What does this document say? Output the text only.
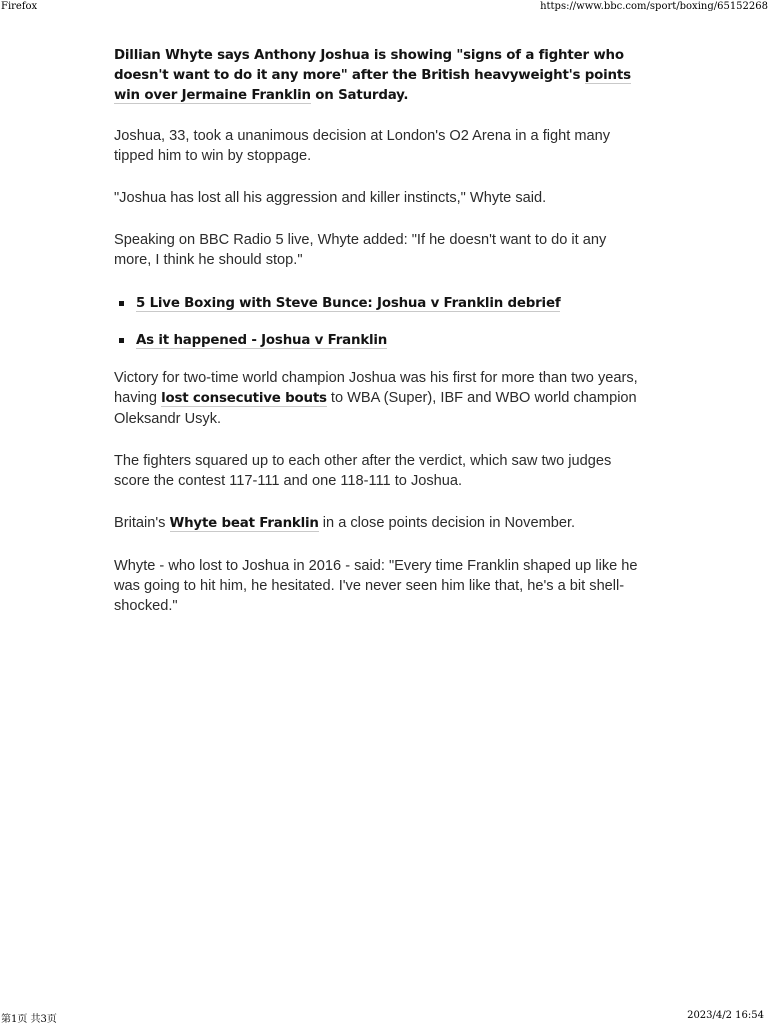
Firefox	https://www.bbc.com/sport/boxing/65152268

Dillian Whyte says Anthony Joshua is showing "signs of a fighter who doesn't want to do it any more" after the British heavyweight's points win over Jermaine Franklin on Saturday.

Joshua, 33, took a unanimous decision at London's O2 Arena in a fight many tipped him to win by stoppage.

"Joshua has lost all his aggression and killer instincts," Whyte said.

Speaking on BBC Radio 5 live, Whyte added: "If he doesn't want to do it any more, I think he should stop."

5 Live Boxing with Steve Bunce: Joshua v Franklin debrief
As it happened - Joshua v Franklin

Victory for two-time world champion Joshua was his first for more than two years, having lost consecutive bouts to WBA (Super), IBF and WBO world champion Oleksandr Usyk.

The fighters squared up to each other after the verdict, which saw two judges score the contest 117-111 and one 118-111 to Joshua.

Britain's Whyte beat Franklin in a close points decision in November.

Whyte - who lost to Joshua in 2016 - said: "Every time Franklin shaped up like he was going to hit him, he hesitated. I've never seen him like that, he's a bit shell-shocked."

第1页 共3页	2023/4/2 16:54
